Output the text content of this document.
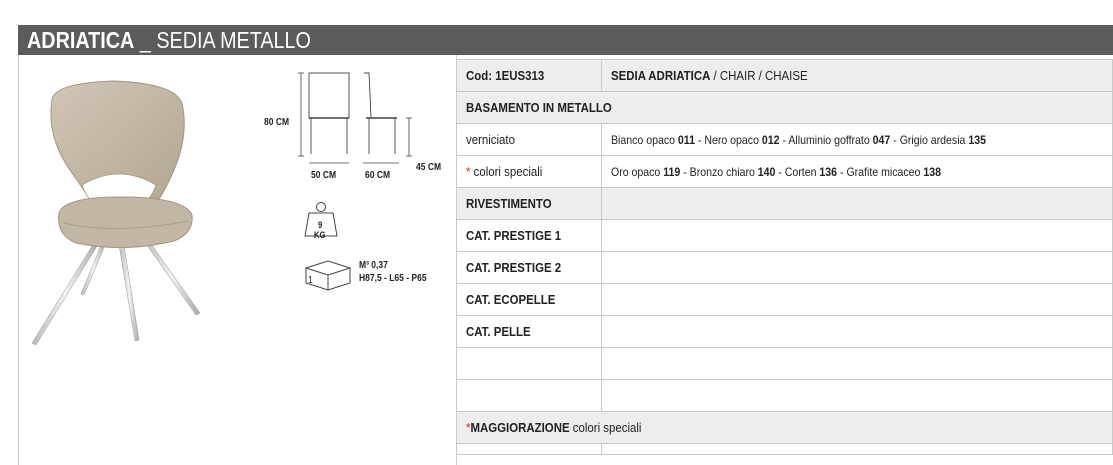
ADRIATICA _ SEDIA METALLO
80 CM
45 CM
50 CM	60 CM
9
KG
1
M³ 0,37
H87,5 - L65 - P65
Cod: 1EUS313	SEDIA ADRIATICA / CHAIR / CHAISE
BASAMENTO IN METALLO	
verniciato	Bianco opaco 011 - Nero opaco 012 - Alluminio goffrato 047 - Grigio ardesia 135
* colori speciali	Oro opaco 119 - Bronzo chiaro 140 - Corten 136 - Grafite micaceo 138
RIVESTIMENTO	
CAT. PRESTIGE 1	
CAT. PRESTIGE 2	
CAT. ECOPELLE	
CAT. PELLE	

*MAGGIORAZIONE colori speciali	
